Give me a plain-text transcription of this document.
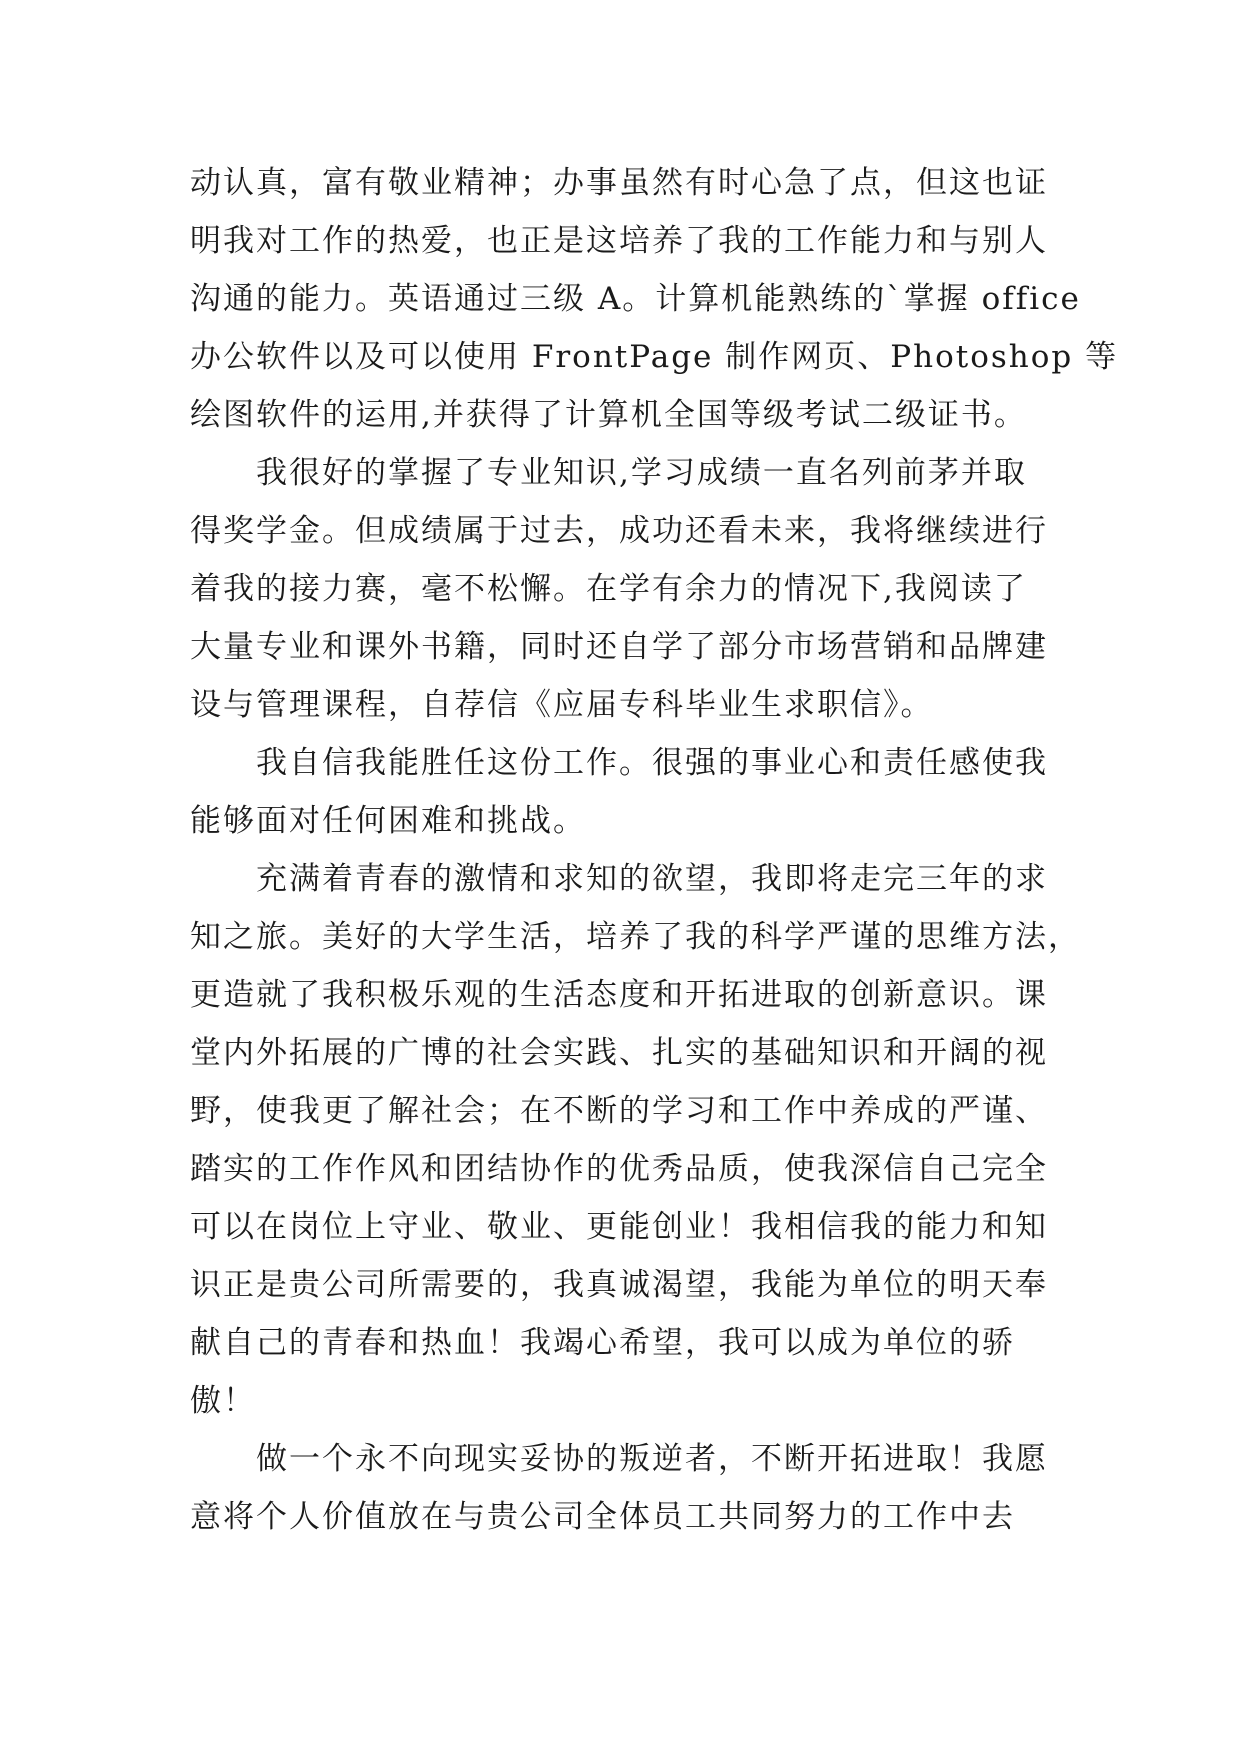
动认真，富有敬业精神；办事虽然有时心急了点，但这也证
明我对工作的热爱，也正是这培养了我的工作能力和与别人
沟通的能力。英语通过三级 A。计算机能熟练的`掌握 office
办公软件以及可以使用 FrontPage 制作网页、Photoshop 等
绘图软件的运用,并获得了计算机全国等级考试二级证书。
我很好的掌握了专业知识,学习成绩一直名列前茅并取
得奖学金。但成绩属于过去，成功还看未来，我将继续进行
着我的接力赛，毫不松懈。在学有余力的情况下,我阅读了
大量专业和课外书籍，同时还自学了部分市场营销和品牌建
设与管理课程，自荐信《应届专科毕业生求职信》。
我自信我能胜任这份工作。很强的事业心和责任感使我
能够面对任何困难和挑战。
充满着青春的激情和求知的欲望，我即将走完三年的求
知之旅。美好的大学生活，培养了我的科学严谨的思维方法，
更造就了我积极乐观的生活态度和开拓进取的创新意识。课
堂内外拓展的广博的社会实践、扎实的基础知识和开阔的视
野，使我更了解社会；在不断的学习和工作中养成的严谨、
踏实的工作作风和团结协作的优秀品质，使我深信自己完全
可以在岗位上守业、敬业、更能创业！我相信我的能力和知
识正是贵公司所需要的，我真诚渴望，我能为单位的明天奉
献自己的青春和热血！我竭心希望，我可以成为单位的骄
傲！
做一个永不向现实妥协的叛逆者，不断开拓进取！我愿
意将个人价值放在与贵公司全体员工共同努力的工作中去
